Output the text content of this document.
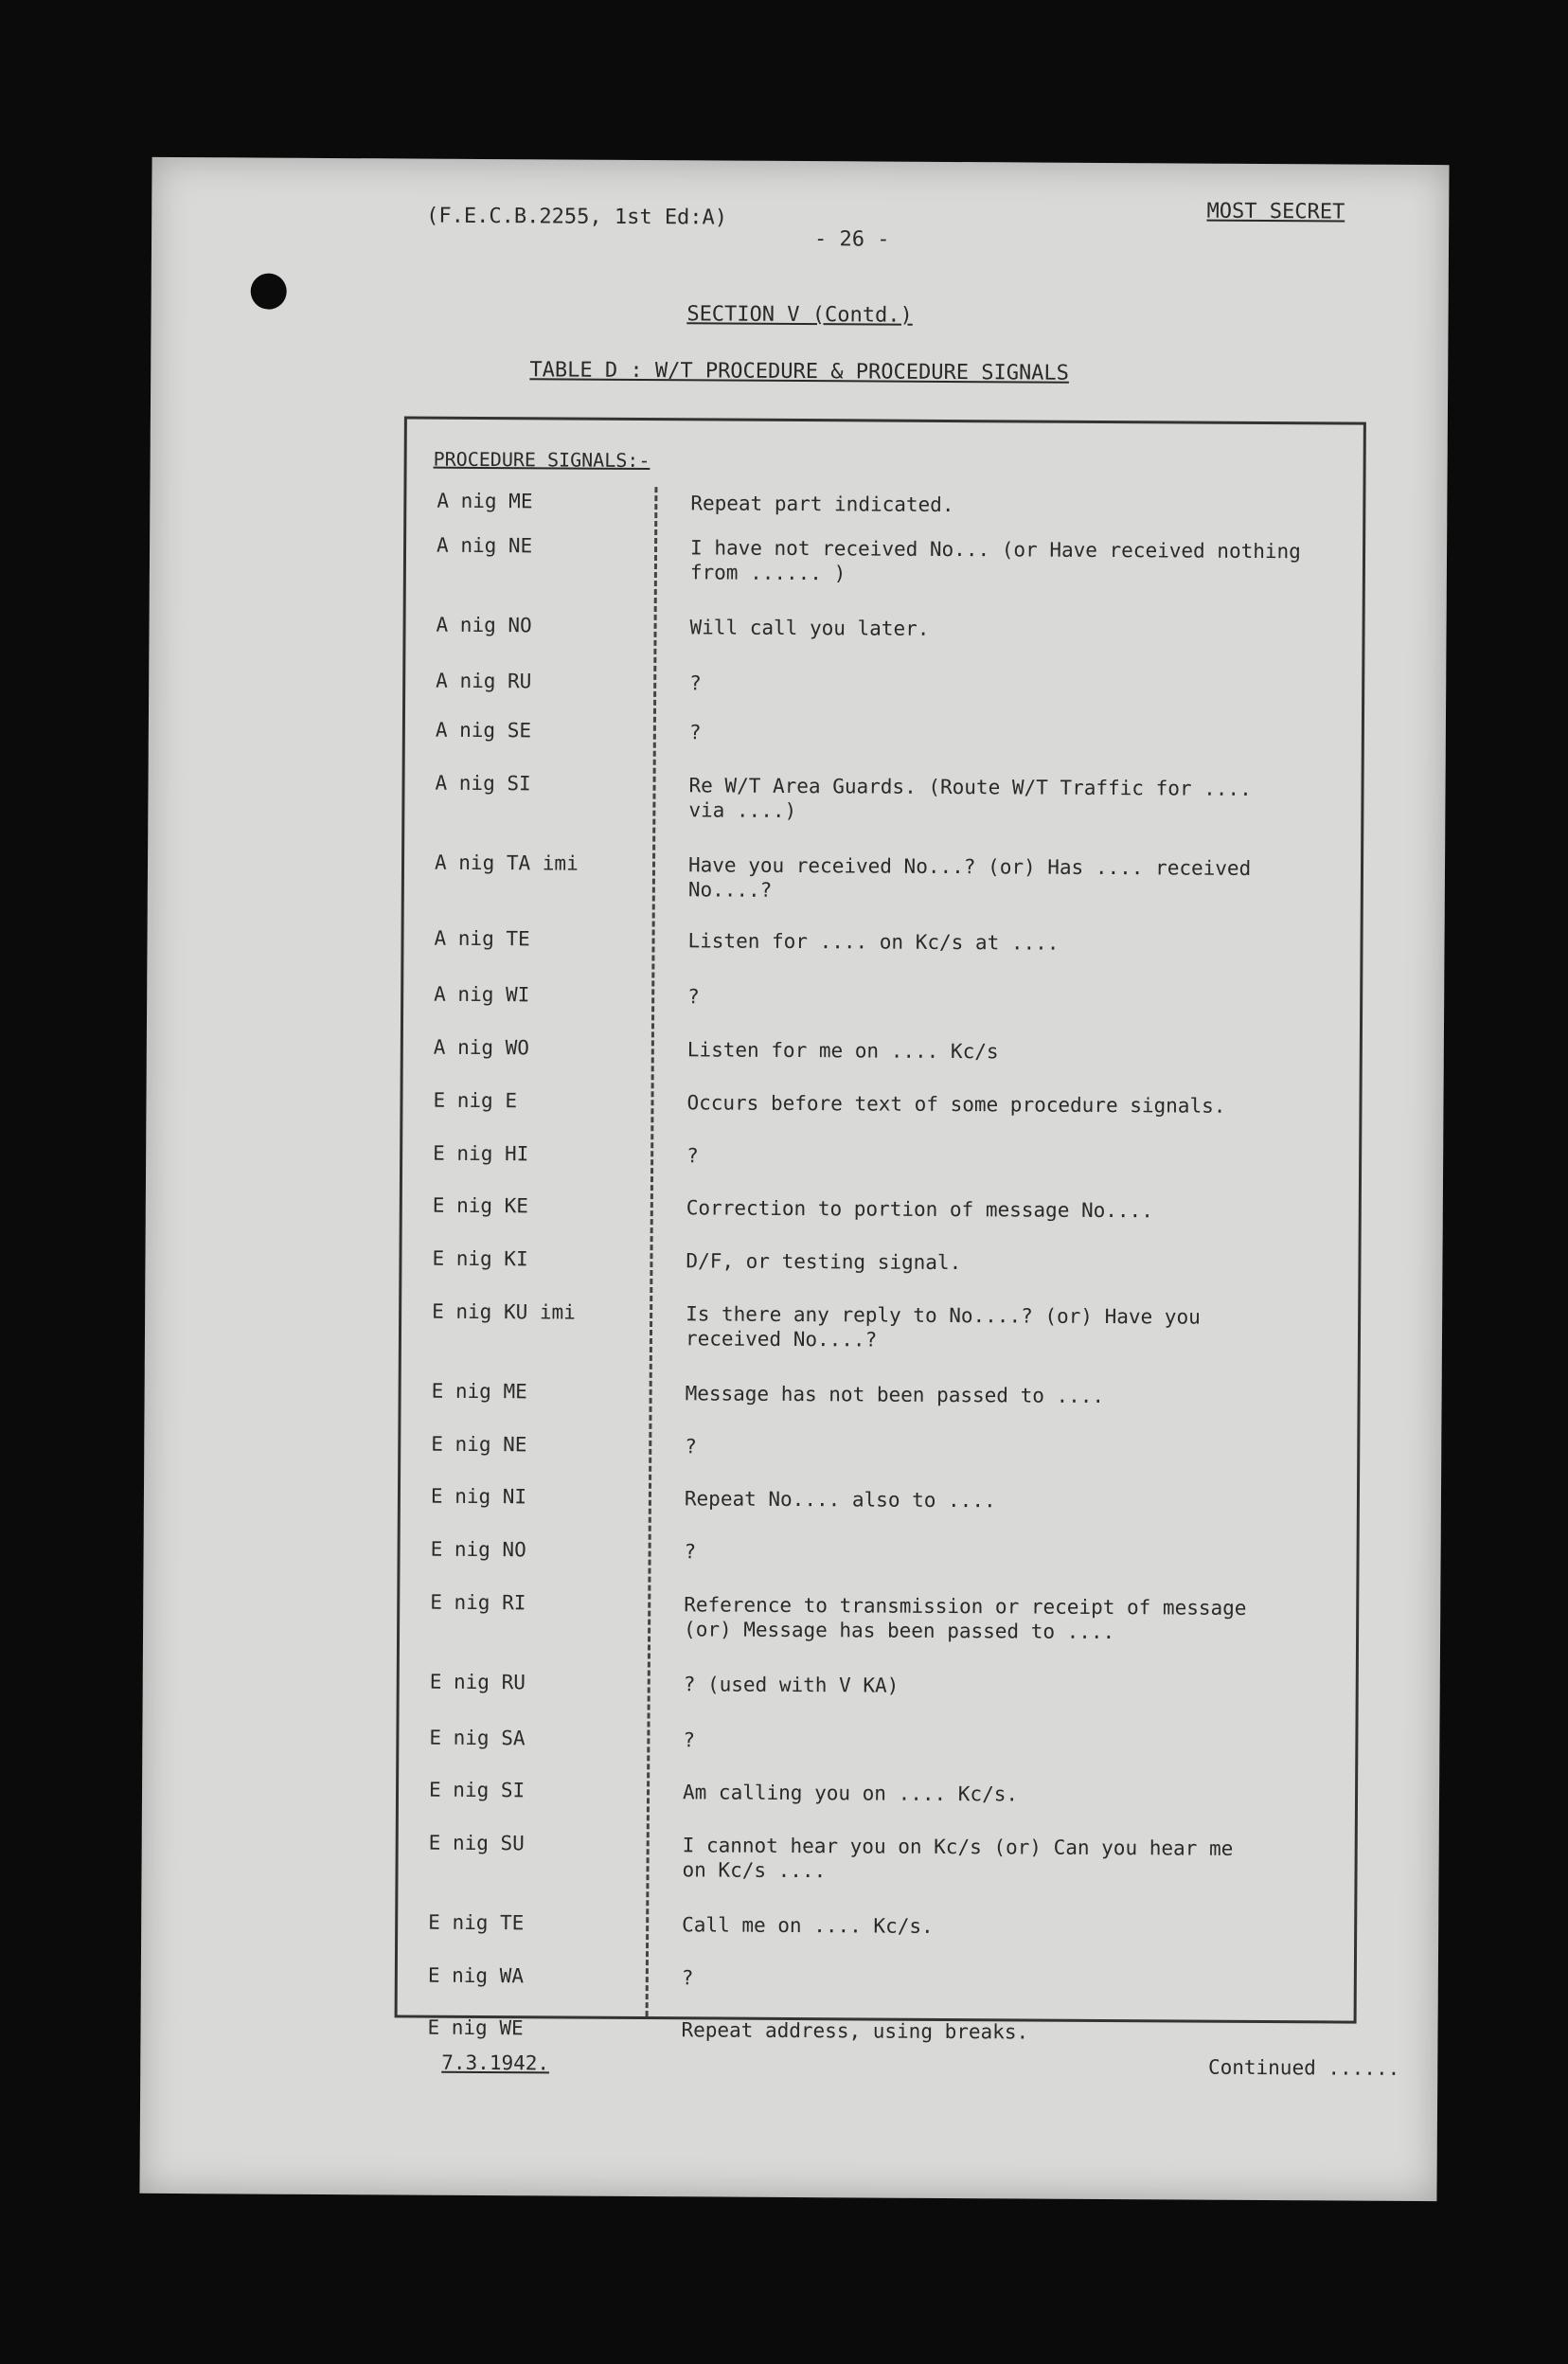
(F.E.C.B.2255, 1st Ed:A)	MOST SECRET
- 26 -
SECTION V (Contd.)
TABLE D : W/T PROCEDURE & PROCEDURE SIGNALS
PROCEDURE SIGNALS:-
A nig ME	Repeat part indicated.
A nig NE	I have not received No... (or Have received nothing
from ...... )
A nig NO	Will call you later.
A nig RU	?
A nig SE	?
A nig SI	Re W/T Area Guards. (Route W/T Traffic for ....
via ....)
A nig TA imi	Have you received No...? (or) Has .... received
No....?
A nig TE	Listen for .... on Kc/s at ....
A nig WI	?
A nig WO	Listen for me on .... Kc/s
E nig E	Occurs before text of some procedure signals.
E nig HI	?
E nig KE	Correction to portion of message No....
E nig KI	D/F, or testing signal.
E nig KU imi	Is there any reply to No....? (or) Have you
received No....?
E nig ME	Message has not been passed to ....
E nig NE	?
E nig NI	Repeat No.... also to ....
E nig NO	?
E nig RI	Reference to transmission or receipt of message
(or) Message has been passed to ....
E nig RU	? (used with V KA)
E nig SA	?
E nig SI	Am calling you on .... Kc/s.
E nig SU	I cannot hear you on Kc/s (or) Can you hear me
on Kc/s ....
E nig TE	Call me on .... Kc/s.
E nig WA	?
E nig WE	Repeat address, using breaks.
7.3.1942.	Continued ......
